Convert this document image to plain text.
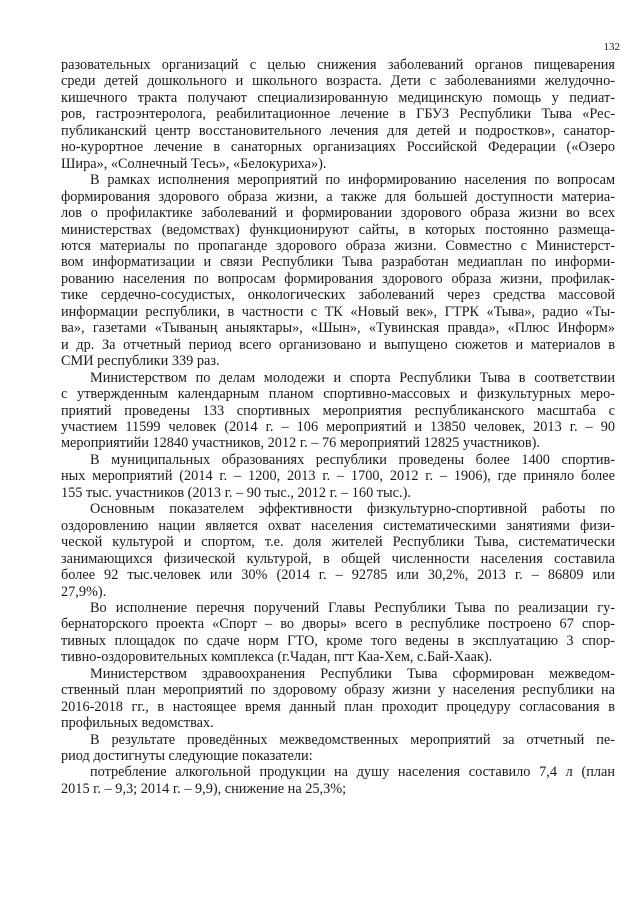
132

разовательных организаций с целью снижения заболеваний органов пищеварения
среди детей дошкольного и школьного возраста. Дети с заболеваниями желудочно-
кишечного тракта получают специализированную медицинскую помощь у педиат-
ров, гастроэнтеролога, реабилитационное лечение в ГБУЗ Республики Тыва «Рес-
публиканский центр восстановительного лечения для детей и подростков», санатор-
но-курортное лечение в санаторных организациях Российской Федерации («Озеро
Шира», «Солнечный Тесь», «Белокуриха»).

В рамках исполнения мероприятий по информированию населения по вопросам
формирования здорового образа жизни, а также для большей доступности материа-
лов о профилактике заболеваний и формировании здорового образа жизни во всех
министерствах (ведомствах) функционируют сайты, в которых постоянно размеща-
ются материалы по пропаганде здорового образа жизни. Совместно с Министерст-
вом информатизации и связи Республики Тыва разработан медиаплан по информи-
рованию населения по вопросам формирования здорового образа жизни, профилак-
тике сердечно-сосудистых, онкологических заболеваний через средства массовой
информации республики, в частности с ТК «Новый век», ГТРК «Тыва», радио «Ты-
ва», газетами «Тываның аныяктары», «Шын», «Тувинская правда», «Плюс Информ»
и др. За отчетный период всего организовано и выпущено сюжетов и материалов в
СМИ республики 339 раз.

Министерством по делам молодежи и спорта Республики Тыва в соответствии
с утвержденным календарным планом спортивно-массовых и физкультурных меро-
приятий проведены 133 спортивных мероприятия республиканского масштаба с
участием 11599 человек (2014 г. – 106 мероприятий и 13850 человек, 2013 г. – 90
мероприятийи 12840 участников, 2012 г. – 76 мероприятий 12825 участников).

В муниципальных образованиях республики проведены более 1400 спортив-
ных мероприятий (2014 г. – 1200, 2013 г. – 1700, 2012 г. – 1906), где приняло более
155 тыс. участников (2013 г. – 90 тыс., 2012 г. – 160 тыс.).

Основным показателем эффективности физкультурно-спортивной работы по
оздоровлению нации является охват населения систематическими занятиями физи-
ческой культурой и спортом, т.е. доля жителей Республики Тыва, систематически
занимающихся физической культурой, в общей численности населения составила
более 92 тыс.человек или 30% (2014 г. – 92785 или 30,2%, 2013 г. – 86809 или
27,9%).

Во исполнение перечня поручений Главы Республики Тыва по реализации гу-
бернаторского проекта «Спорт – во дворы» всего в республике построено 67 спор-
тивных площадок по сдаче норм ГТО, кроме того ведены в эксплуатацию 3 спор-
тивно-оздоровительных комплекса (г.Чадан, пгт Каа-Хем, с.Бай-Хаак).

Министерством здравоохранения Республики Тыва сформирован межведом-
ственный план мероприятий по здоровому образу жизни у населения республики на
2016-2018 гг., в настоящее время данный план проходит процедуру согласования в
профильных ведомствах.

В результате проведённых межведомственных мероприятий за отчетный пе-
риод достигнуты следующие показатели:

потребление алкогольной продукции на душу населения составило 7,4 л (план
2015 г. – 9,3; 2014 г. – 9,9), снижение на 25,3%;
